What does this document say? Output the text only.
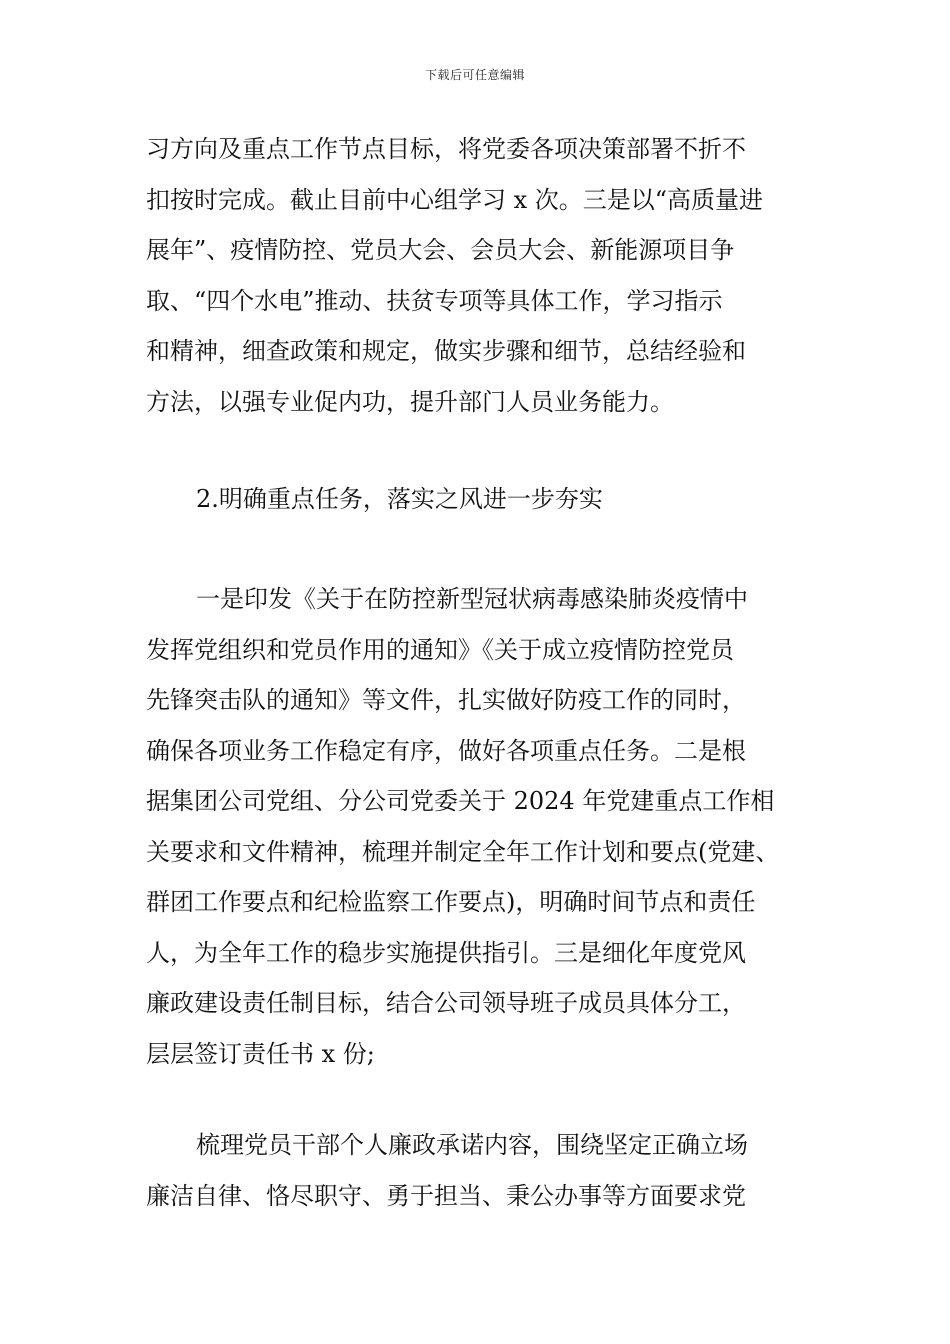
下载后可任意编辑

习方向及重点工作节点目标，将党委各项决策部署不折不
扣按时完成。截止目前中心组学习 x 次。三是以“高质量进
展年”、疫情防控、党员大会、会员大会、新能源项目争
取、“四个水电”推动、扶贫专项等具体工作，学习指示
和精神，细查政策和规定，做实步骤和细节，总结经验和
方法，以强专业促内功，提升部门人员业务能力。

2.明确重点任务，落实之风进一步夯实

一是印发《关于在防控新型冠状病毒感染肺炎疫情中
发挥党组织和党员作用的通知》《关于成立疫情防控党员
先锋突击队的通知》等文件，扎实做好防疫工作的同时，
确保各项业务工作稳定有序，做好各项重点任务。二是根
据集团公司党组、分公司党委关于 2024 年党建重点工作相
关要求和文件精神，梳理并制定全年工作计划和要点(党建、
群团工作要点和纪检监察工作要点)，明确时间节点和责任
人，为全年工作的稳步实施提供指引。三是细化年度党风
廉政建设责任制目标，结合公司领导班子成员具体分工，
层层签订责任书 x 份;

梳理党员干部个人廉政承诺内容，围绕坚定正确立场
廉洁自律、恪尽职守、勇于担当、秉公办事等方面要求党
